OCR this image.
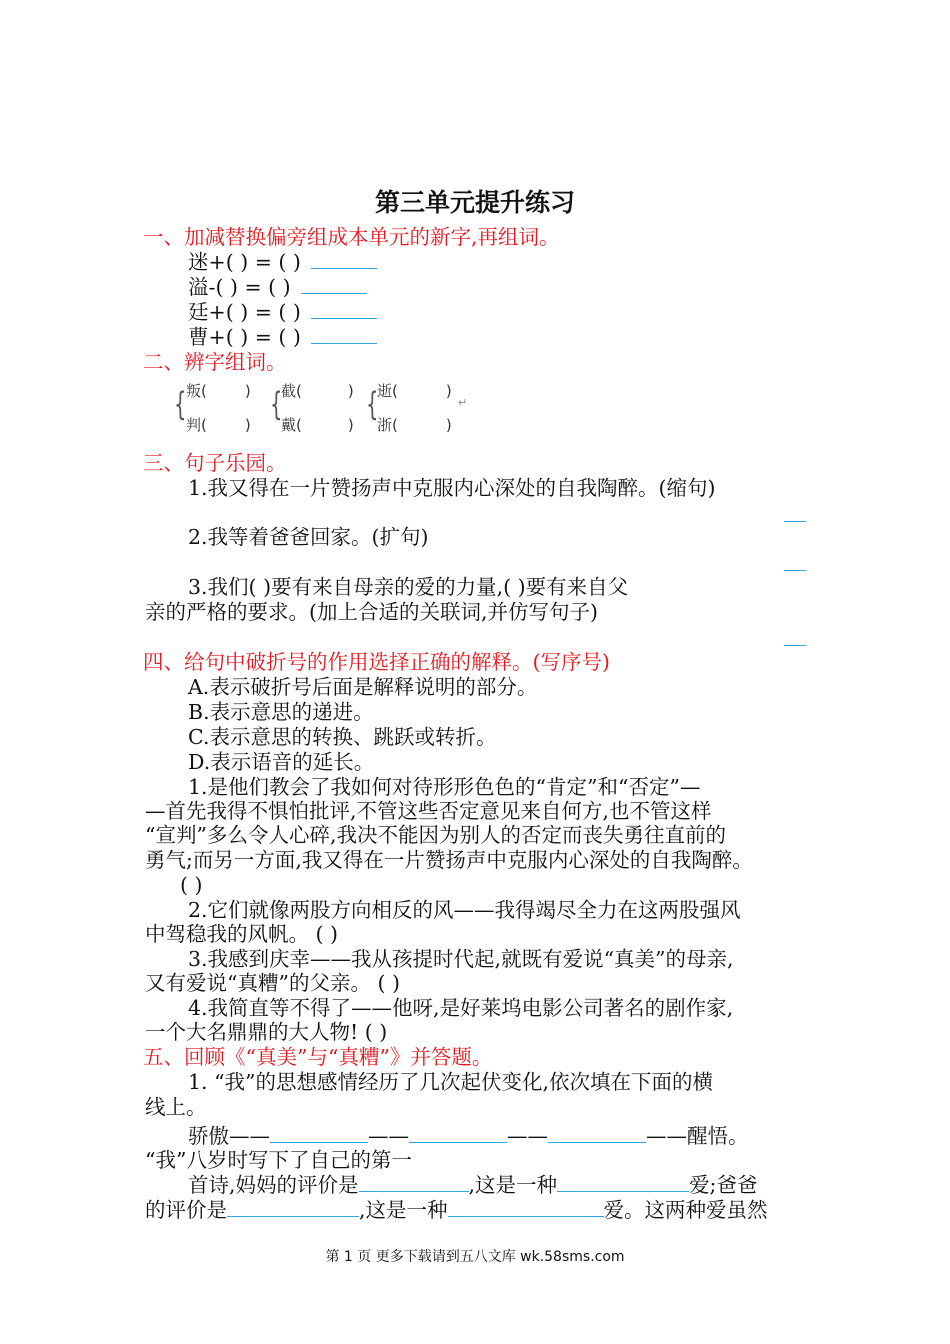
第三单元提升练习
一、加减替换偏旁组成本单元的新字,再组词。
迷+( ) = ( )
溢-( ) = ( )
廷+( ) = ( )
曹+( ) = ( )
二、辨字组词。
{ 叛(	)
判(	)
{
截(	)
戴(	)
{
逝(	)
浙(	)
↵
三、句子乐园。
1.我又得在一片赞扬声中克服内心深处的自我陶醉。(缩句)
2.我等着爸爸回家。(扩句)
3.我们( )要有来自母亲的爱的力量,( )要有来自父
亲的严格的要求。(加上合适的关联词,并仿写句子)
四、给句中破折号的作用选择正确的解释。(写序号)
A.表示破折号后面是解释说明的部分。
B.表示意思的递进。
C.表示意思的转换、跳跃或转折。
D.表示语音的延长。
1.是他们教会了我如何对待形形色色的“肯定”和“否定”—
—首先我得不惧怕批评,不管这些否定意见来自何方,也不管这样
“宣判”多么令人心碎,我决不能因为别人的否定而丧失勇往直前的
勇气;而另一方面,我又得在一片赞扬声中克服内心深处的自我陶醉。
( )
2.它们就像两股方向相反的风——我得竭尽全力在这两股强风
中驾稳我的风帆。 ( )
3.我感到庆幸——我从孩提时代起,就既有爱说“真美”的母亲,
又有爱说“真糟”的父亲。 ( )
4.我简直等不得了——他呀,是好莱坞电影公司著名的剧作家,
一个大名鼎鼎的大人物! ( )
五、回顾《“真美”与“真糟”》并答题。
1. “我”的思想感情经历了几次起伏变化,依次填在下面的横
线上。
骄傲——	——	——	——醒悟。
“我”八岁时写下了自己的第一
首诗,妈妈的评价是	,这是一种	爱;爸爸
的评价是	,这是一种	爱。这两种爱虽然
第 1 页 更多下载请到五八文库 wk.58sms.com
